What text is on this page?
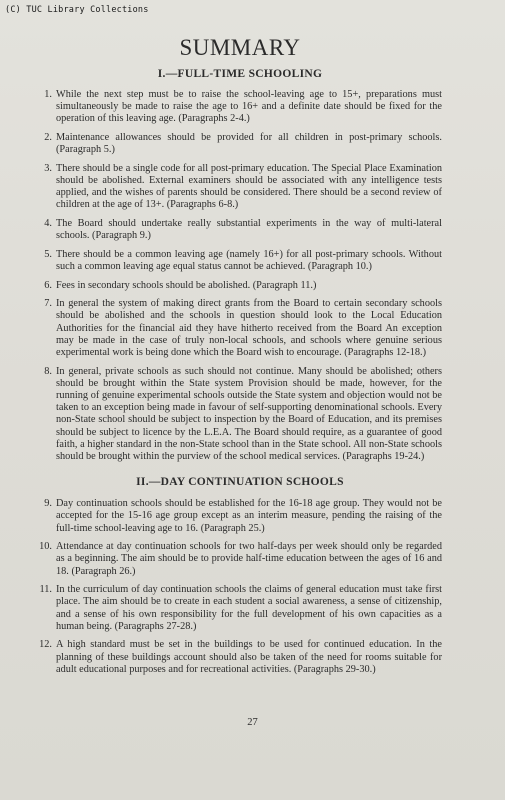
(C) TUC Library Collections
SUMMARY
I.—FULL-TIME SCHOOLING
1. While the next step must be to raise the school-leaving age to 15+, preparations must simultaneously be made to raise the age to 16+ and a definite date should be fixed for the operation of this leaving age. (Paragraphs 2-4.)
2. Maintenance allowances should be provided for all children in post-primary schools. (Paragraph 5.)
3. There should be a single code for all post-primary education. The Special Place Examination should be abolished. External examiners should be associated with any intelligence tests applied, and the wishes of parents should be considered. There should be a second review of children at the age of 13+. (Paragraphs 6-8.)
4. The Board should undertake really substantial experiments in the way of multi-lateral schools. (Paragraph 9.)
5. There should be a common leaving age (namely 16+) for all post-primary schools. Without such a common leaving age equal status cannot be achieved. (Paragraph 10.)
6. Fees in secondary schools should be abolished. (Paragraph 11.)
7. In general the system of making direct grants from the Board to certain secondary schools should be abolished and the schools in question should look to the Local Education Authorities for the financial aid they have hitherto received from the Board An exception may be made in the case of truly non-local schools, and schools where genuine serious experimental work is being done which the Board wish to encourage. (Paragraphs 12-18.)
8. In general, private schools as such should not continue. Many should be abolished; others should be brought within the State system Provision should be made, however, for the running of genuine experimental schools outside the State system and objection would not be taken to an exception being made in favour of self-supporting denominational schools. Every non-State school should be subject to inspection by the Board of Education, and its premises should be subject to licence by the L.E.A. The Board should require, as a guarantee of good faith, a higher standard in the non-State school than in the State school. All non-State schools should be brought within the purview of the school medical services. (Paragraphs 19-24.)
II.—DAY CONTINUATION SCHOOLS
9. Day continuation schools should be established for the 16-18 age group. They would not be accepted for the 15-16 age group except as an interim measure, pending the raising of the full-time school-leaving age to 16. (Paragraph 25.)
10. Attendance at day continuation schools for two half-days per week should only be regarded as a beginning. The aim should be to provide half-time education between the ages of 16 and 18. (Paragraph 26.)
11. In the curriculum of day continuation schools the claims of general education must take first place. The aim should be to create in each student a social awareness, a sense of citizenship, and a sense of his own responsibility for the full development of his own capacities as a human being. (Paragraphs 27-28.)
12. A high standard must be set in the buildings to be used for continued education. In the planning of these buildings account should also be taken of the need for rooms suitable for adult educational purposes and for recreational activities. (Paragraphs 29-30.)
27
